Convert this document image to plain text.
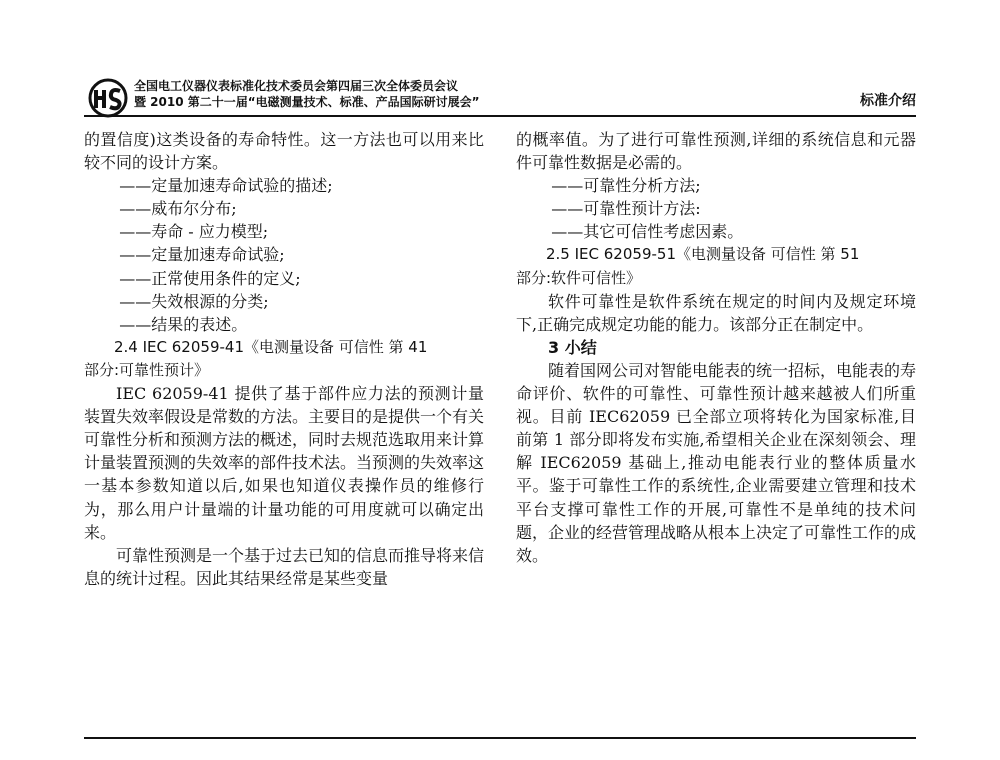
全国电工仪器仪表标准化技术委员会第四届三次全体委员会议
暨 2010 第二十一届“电磁测量技术、标准、产品国际研讨展会”	标准介绍

的置信度)这类设备的寿命特性。这一方法也可以用来比较不同的设计方案。

——定量加速寿命试验的描述;

——威布尔分布;

——寿命 - 应力模型;

——定量加速寿命试验;

——正常使用条件的定义;

——失效根源的分类;

——结果的表述。

2.4 IEC 62059-41《电测量设备 可信性 第 41

部分:可靠性预计》

IEC 62059-41 提供了基于部件应力法的预测计量装置失效率假设是常数的方法。主要目的是提供一个有关可靠性分析和预测方法的概述，同时去规范选取用来计算计量装置预测的失效率的部件技术法。当预测的失效率这一基本参数知道以后,如果也知道仪表操作员的维修行为，那么用户计量端的计量功能的可用度就可以确定出来。

可靠性预测是一个基于过去已知的信息而推导将来信息的统计过程。因此其结果经常是某些变量

的概率值。为了进行可靠性预测,详细的系统信息和元器件可靠性数据是必需的。

——可靠性分析方法;

——可靠性预计方法:

——其它可信性考虑因素。

2.5 IEC 62059-51《电测量设备 可信性 第 51

部分:软件可信性》

软件可靠性是软件系统在规定的时间内及规定环境下,正确完成规定功能的能力。该部分正在制定中。

3 小结

随着国网公司对智能电能表的统一招标，电能表的寿命评价、软件的可靠性、可靠性预计越来越被人们所重视。目前 IEC62059 已全部立项将转化为国家标准,目前第 1 部分即将发布实施,希望相关企业在深刻领会、理解 IEC62059 基础上,推动电能表行业的整体质量水平。鉴于可靠性工作的系统性,企业需要建立管理和技术平台支撑可靠性工作的开展,可靠性不是单纯的技术问题，企业的经营管理战略从根本上决定了可靠性工作的成效。
